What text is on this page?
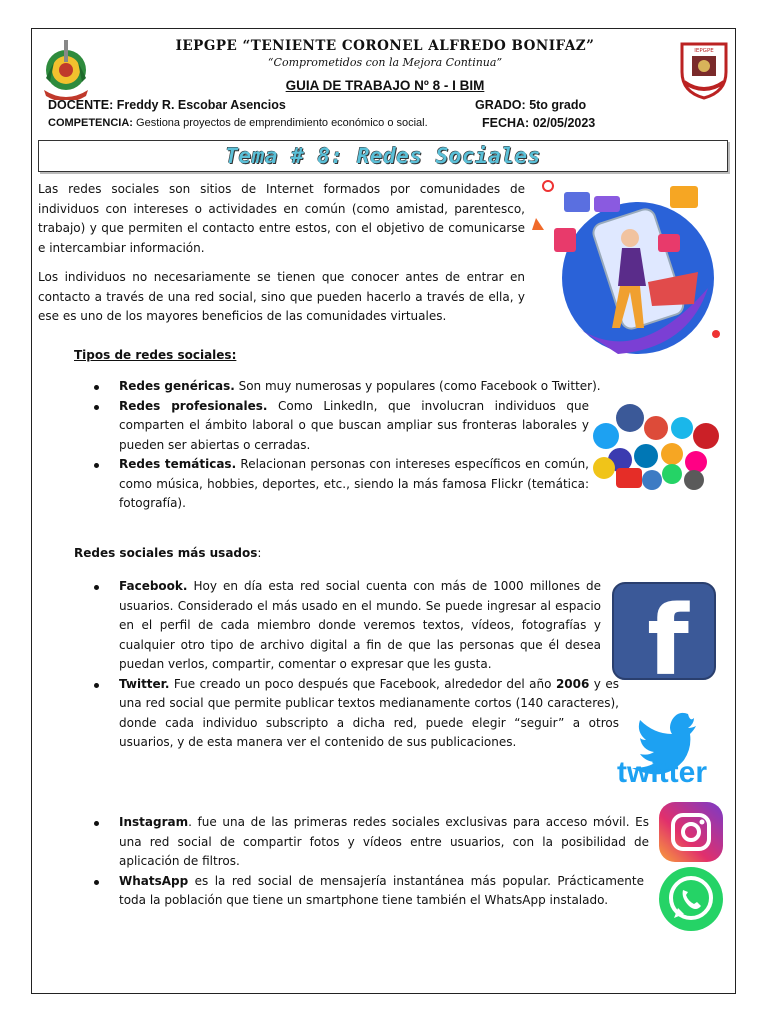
IEPGPE
IEPGPE “TENIENTE CORONEL ALFREDO BONIFAZ”
“Comprometidos con la Mejora Continua”
GUIA DE TRABAJO Nº 8 - I BIM
DOCENTE: Freddy R. Escobar Asencios	GRADO: 5to grado
COMPETENCIA: Gestiona proyectos de emprendimiento económico o social.	FECHA: 02/05/2023
Tema # 8: Redes Sociales
Las redes sociales son sitios de Internet formados por comunidades de individuos con intereses o actividades en común (como amistad, parentesco, trabajo) y que permiten el contacto entre estos, con el objetivo de comunicarse e intercambiar información.
Los individuos no necesariamente se tienen que conocer antes de entrar en contacto a través de una red social, sino que pueden hacerlo a través de ella, y ese es uno de los mayores beneficios de las comunidades virtuales.
Tipos de redes sociales:
Redes genéricas. Son muy numerosas y populares (como Facebook o Twitter).
Redes profesionales. Como LinkedIn, que involucran individuos que comparten el ámbito laboral o que buscan ampliar sus fronteras laborales y pueden ser abiertas o cerradas.
Redes temáticas. Relacionan personas con intereses específicos en común, como música, hobbies, deportes, etc., siendo la más famosa Flickr (temática: fotografía).
Redes sociales más usados:
Facebook. Hoy en día esta red social cuenta con más de 1000 millones de usuarios. Considerado el más usado en el mundo. Se puede ingresar al espacio en el perfil de cada miembro donde veremos textos, vídeos, fotografías y cualquier otro tipo de archivo digital a fin de que las personas que él desea puedan verlos, compartir, comentar o expresar que les gusta.
Twitter. Fue creado un poco después que Facebook, alrededor del año 2006 y es una red social que permite publicar textos medianamente cortos (140 caracteres), donde cada individuo subscripto a dicha red, puede elegir “seguir” a otros usuarios, y de esta manera ver el contenido de sus publicaciones.
Instagram. fue una de las primeras redes sociales exclusivas para acceso móvil. Es una red social de compartir fotos y vídeos entre usuarios, con la posibilidad de aplicación de filtros.
WhatsApp es la red social de mensajería instantánea más popular. Prácticamente toda la población que tiene un smartphone tiene también el WhatsApp instalado.
f
twitter
